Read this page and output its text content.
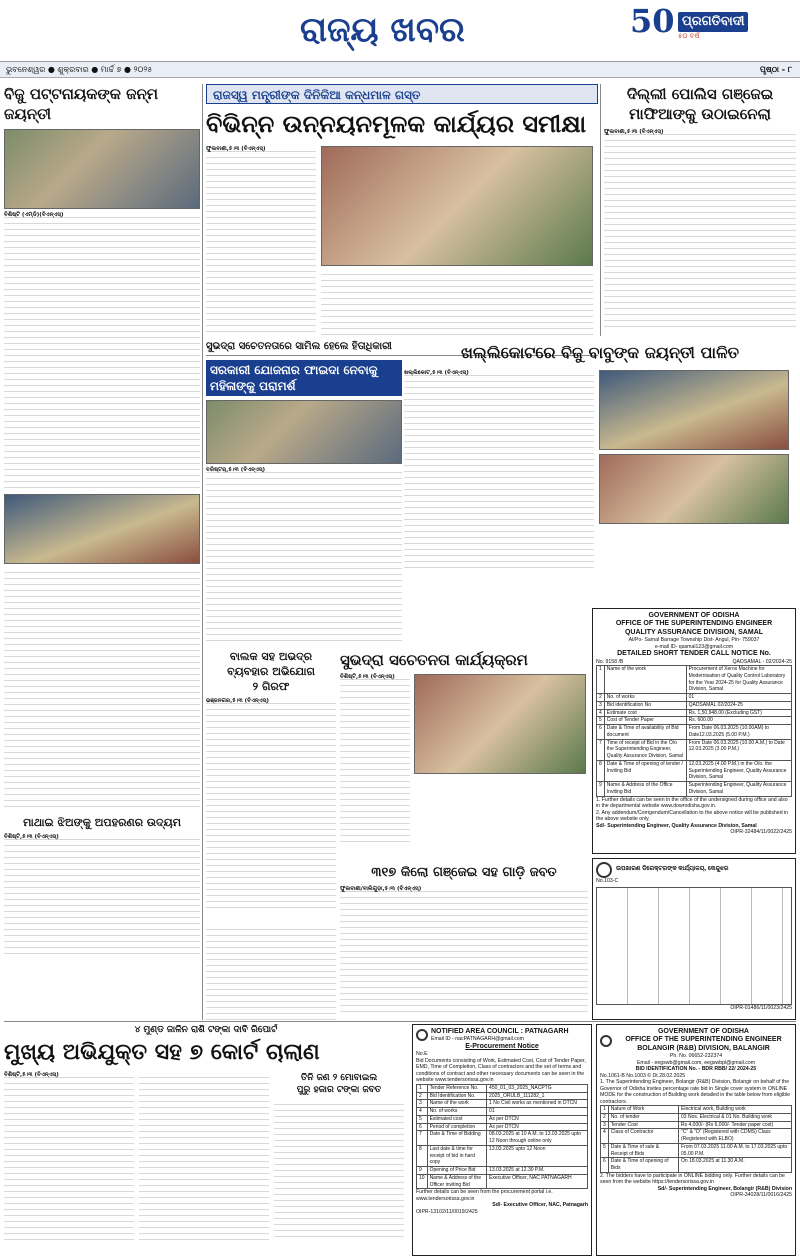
ରାଜ୍ୟ ଖବର	50 ପ୍ରଗତିବାଦୀ
୫୦ ବର୍ଷ
ଭୁବନେଶ୍ୱର ● ଶୁକ୍ରବାର ● ମାର୍ଚ୍ଚ ୭ ● ୨୦୨୫	ପୃଷ୍ଠା - ୮
ବିଜୁ ପଟ୍ଟନାୟକଙ୍କ ଜନ୍ମ ଜୟନ୍ତୀ
ବିଶିଷ୍ଟି (ଏମ୍‌ଡି)(ବିଏନ୍‌ଏସ୍‌)
ରାଜସ୍ୱ ମନ୍ତ୍ରୀଙ୍କ ଦିନିକିଆ କନ୍ଧମାଳ ଗସ୍ତ
ବିଭିନ୍ନ ଉନ୍ନୟନମୂଳକ କାର୍ଯ୍ୟର ସମୀକ୍ଷା
ଫୁଲବାଣୀ,୫।୩ (ବିଏନ୍‌ଏସ୍‌)
ଦିଲ୍ଲୀ ପୋଲିସ ଗଞ୍ଜେଇ
ମାଫିଆଙ୍କୁ ଉଠାଇନେଲା
ଫୁଲବାଣୀ,୫।୩ (ବିଏନ୍‌ଏସ୍‌)
ସୁଭଦ୍ରା ସଚେତନତାରେ ସାମିଲ ହେଲେ ହିତାଧିକାରୀ	ଖଲ୍ଲିକୋଟରେ ବିଜୁ ବାବୁଙ୍କ ଜୟନ୍ତୀ ପାଳିତ
ଖଲ୍ଲିକୋଟ,୫।୩ (ବିଏନ୍‌ଏସ୍‌)
ସରକାରୀ ଯୋଜନାର ଫାଇଦା ନେବାକୁ ମହିଳାଙ୍କୁ ପରାମର୍ଶ
ବରିଷ୍ଟର୍‌,୫।୩ (ବିଏନ୍‌ଏସ୍‌)
ମାଥାଇ ଝିଅଙ୍କୁ ଅପହରଣର ଉଦ୍ୟମ
ବିଶିଷ୍ଟି,୫।୩ (ବିଏନ୍‌ଏସ୍‌)
ବାଲକ ସହ ଅଭଦ୍ର
ବ୍ୟବହାର ଅଭିଯୋଗ
୨ ଗିରଫ
ଭଞ୍ଜନଗର,୫।୩ (ବିଏନ୍‌ଏସ୍‌)
ସୁଭଦ୍ରା ସଚେତନତା କାର୍ଯ୍ୟକ୍ରମ
ବିଶିଷ୍ଟି,୫।୩ (ବିଏନ୍‌ଏସ୍‌)
୩୧୭ କିଲୋ ଗଞ୍ଜେଇ ସହ ଗାଡ଼ି ଜବତ
ଫୁଲବାଣୀ/ବାଲିଗୁଡ଼ା,୫।୩ (ବିଏନ୍‌ଏସ୍‌)
GOVERNMENT OF ODISHA
OFFICE OF THE SUPERINTENDING ENGINEER
QUALITY ASSURANCE DIVISION, SAMAL
At/Po- Samal Barrage Township Dist- Angul, Pin- 759037
e-mail ID- qasmal123@gmail.com
DETAILED SHORT TENDER CALL NOTICE No.
No. 9158 /B	QADSAMAL - 02/2024-25
1	Name of the work	Procurement of Xerox Machine for Modernisation of Quality Control Laboratory for the Year 2024-25 for Quality Assurance Division, Samal
2	No. of works	01
3	Bid identification No	QADSAMAL 02/2024-25
4	Estimate cost	Rs. 1,50,948.00 (Excluding GST)
5	Cost of Tender Paper	Rs. 600.00
6	Date & Time of availability of Bid document	From Date 06.03.2025 (10.00AM) to Date12.03.2025 (5.00 P.M.)
7	Time of receipt of Bid in the O/o the Superintending Engineer, Quality Assurance Division, Samal	From Date 06.03.2025 (10.00 A.M.) to Date 12.03.2025 (3.00 P.M.)
8	Date & Time of opening of tender / Inviting Bid	12.03.2025 (4.00 P.M.) in the O/o. the Superintending Engineer, Quality Assurance Division, Samal
9	Name & Address of the Office Inviting Bid	Superintending Engineer, Quality Assurance Division, Samal
1. Further details can be seen in the office of the undersigned during office and also in the departmental website www.dowrodisha.gov.in.
2. Any addendum/Corrigendum/Cancellation to the above notice will be published in the above website only.
Sd/- Superintending Engineer, Quality Assurance Division, Samal
OIPR-32484/11/0022/2425
ଉପଖାରଣ ଡିରେକ୍ଟରଙ୍କ କାର୍ଯ୍ୟାଳୟ, କେନ୍ଦୁଝର
No.103-C
OIPR-01486/11/0023/2425
୪ ମୁଣ୍ଡ ଜାଳିନ ରାଶି ଟଙ୍କା ଦାବି ରିପୋର୍ଟ
ମୁଖ୍ୟ ଅଭିଯୁକ୍ତ ସହ ୭ କୋର୍ଟ ଚାଲାଣ
ବିଶିଷ୍ଟି,୫।୩ (ବିଏନ୍‌ଏସ୍‌)	ତିନି ଜଣ ୨ ମୋବାଇଲ
ପୁରୁ ହଜାର ଟଙ୍କା ଜବତ
NOTIFIED AREA COUNCIL : PATNAGARH
Email ID - nacPATNAGARH@gmail.com
E-Procurement Notice
No.E
Bid Documents consisting of Work, Estimated Cost, Cost of Tender Paper, EMD, Time of Completion, Class of contractors and the set of terms and conditions of contract and other necessary documents can be seen in the website www.tendersorissa.gov.in
1	Tender Reference No.	450_01_03_2025_NACPTG
2	Bid Identification No.	2025_ORULB_111282_1
3	Name of the work	1 No Civil works as mentioned in DTCN
4	No. of works	01
5	Estimated cost	As per DTCN
6	Period of completion	As per DTCN
7	Date & Time of Bidding	08.03.2025 at 10 A.M. to 13.03.2025 upto 12 Noon through online only
8	Last date & time for receipt of bid in hard copy	13.03.2025 upto 12 Noon
9	Opening of Price Bid	13.03.2025 at 12.30 P.M.
10	Name & Address of the Officer inviting Bid	Executive Officer, NAC PATNAGARH
Further details can be seen from the procurement portal i.e. www.tendersorissa.gov.in
Sd/- Executive Officer, NAC, Patnagarh
OIPR-13102/11/0019/2425
GOVERNMENT OF ODISHA
OFFICE OF THE SUPERINTENDING ENGINEER
BOLANGIR (R&B) DIVISION, BALANGIR
Ph. No. 06652-232374
Email - eegswb@gmail.com, eegswbpl@gmail.com
BID IDENTIFICATION No. - BDR RBB/ 22/ 2024-25
No.1061-B No.1003 © Dt.28.02.2025
1. The Superintending Engineer, Bolangir (R&B) Division, Bolangir on behalf of the Governor of Odisha invites percentage rate bid in Single cover system in ONLINE MODE for the construction of Building work detailed in the table below from eligible contractors.
1	Nature of Work	Electrical work, Building work
2	No. of tender	03 Nos. Electrical & 01 No. Building work
3	Tender Cost	Rs 4,000/- (Rs 6,000/- Tender paper cost)
4	Class of Contractor	"C" & "D" (Registered with CDMS) Class (Registered with ELBO)
5	Date & Time of sale & Receipt of Bids	From 07.03.2025 11.00 A.M. to 17.03.2025 upto 05.00 P.M.
6	Date & Time of opening of Bids	On 18.03.2025 at 11.30 A.M.
2. The bidders have to participate in ONLINE bidding only. Further details can be seen from the website https://tendersorissa.gov.in
Sd/- Superintending Engineer, Bolangir (R&B) Division
OIPR-34028/11/0016/2425
